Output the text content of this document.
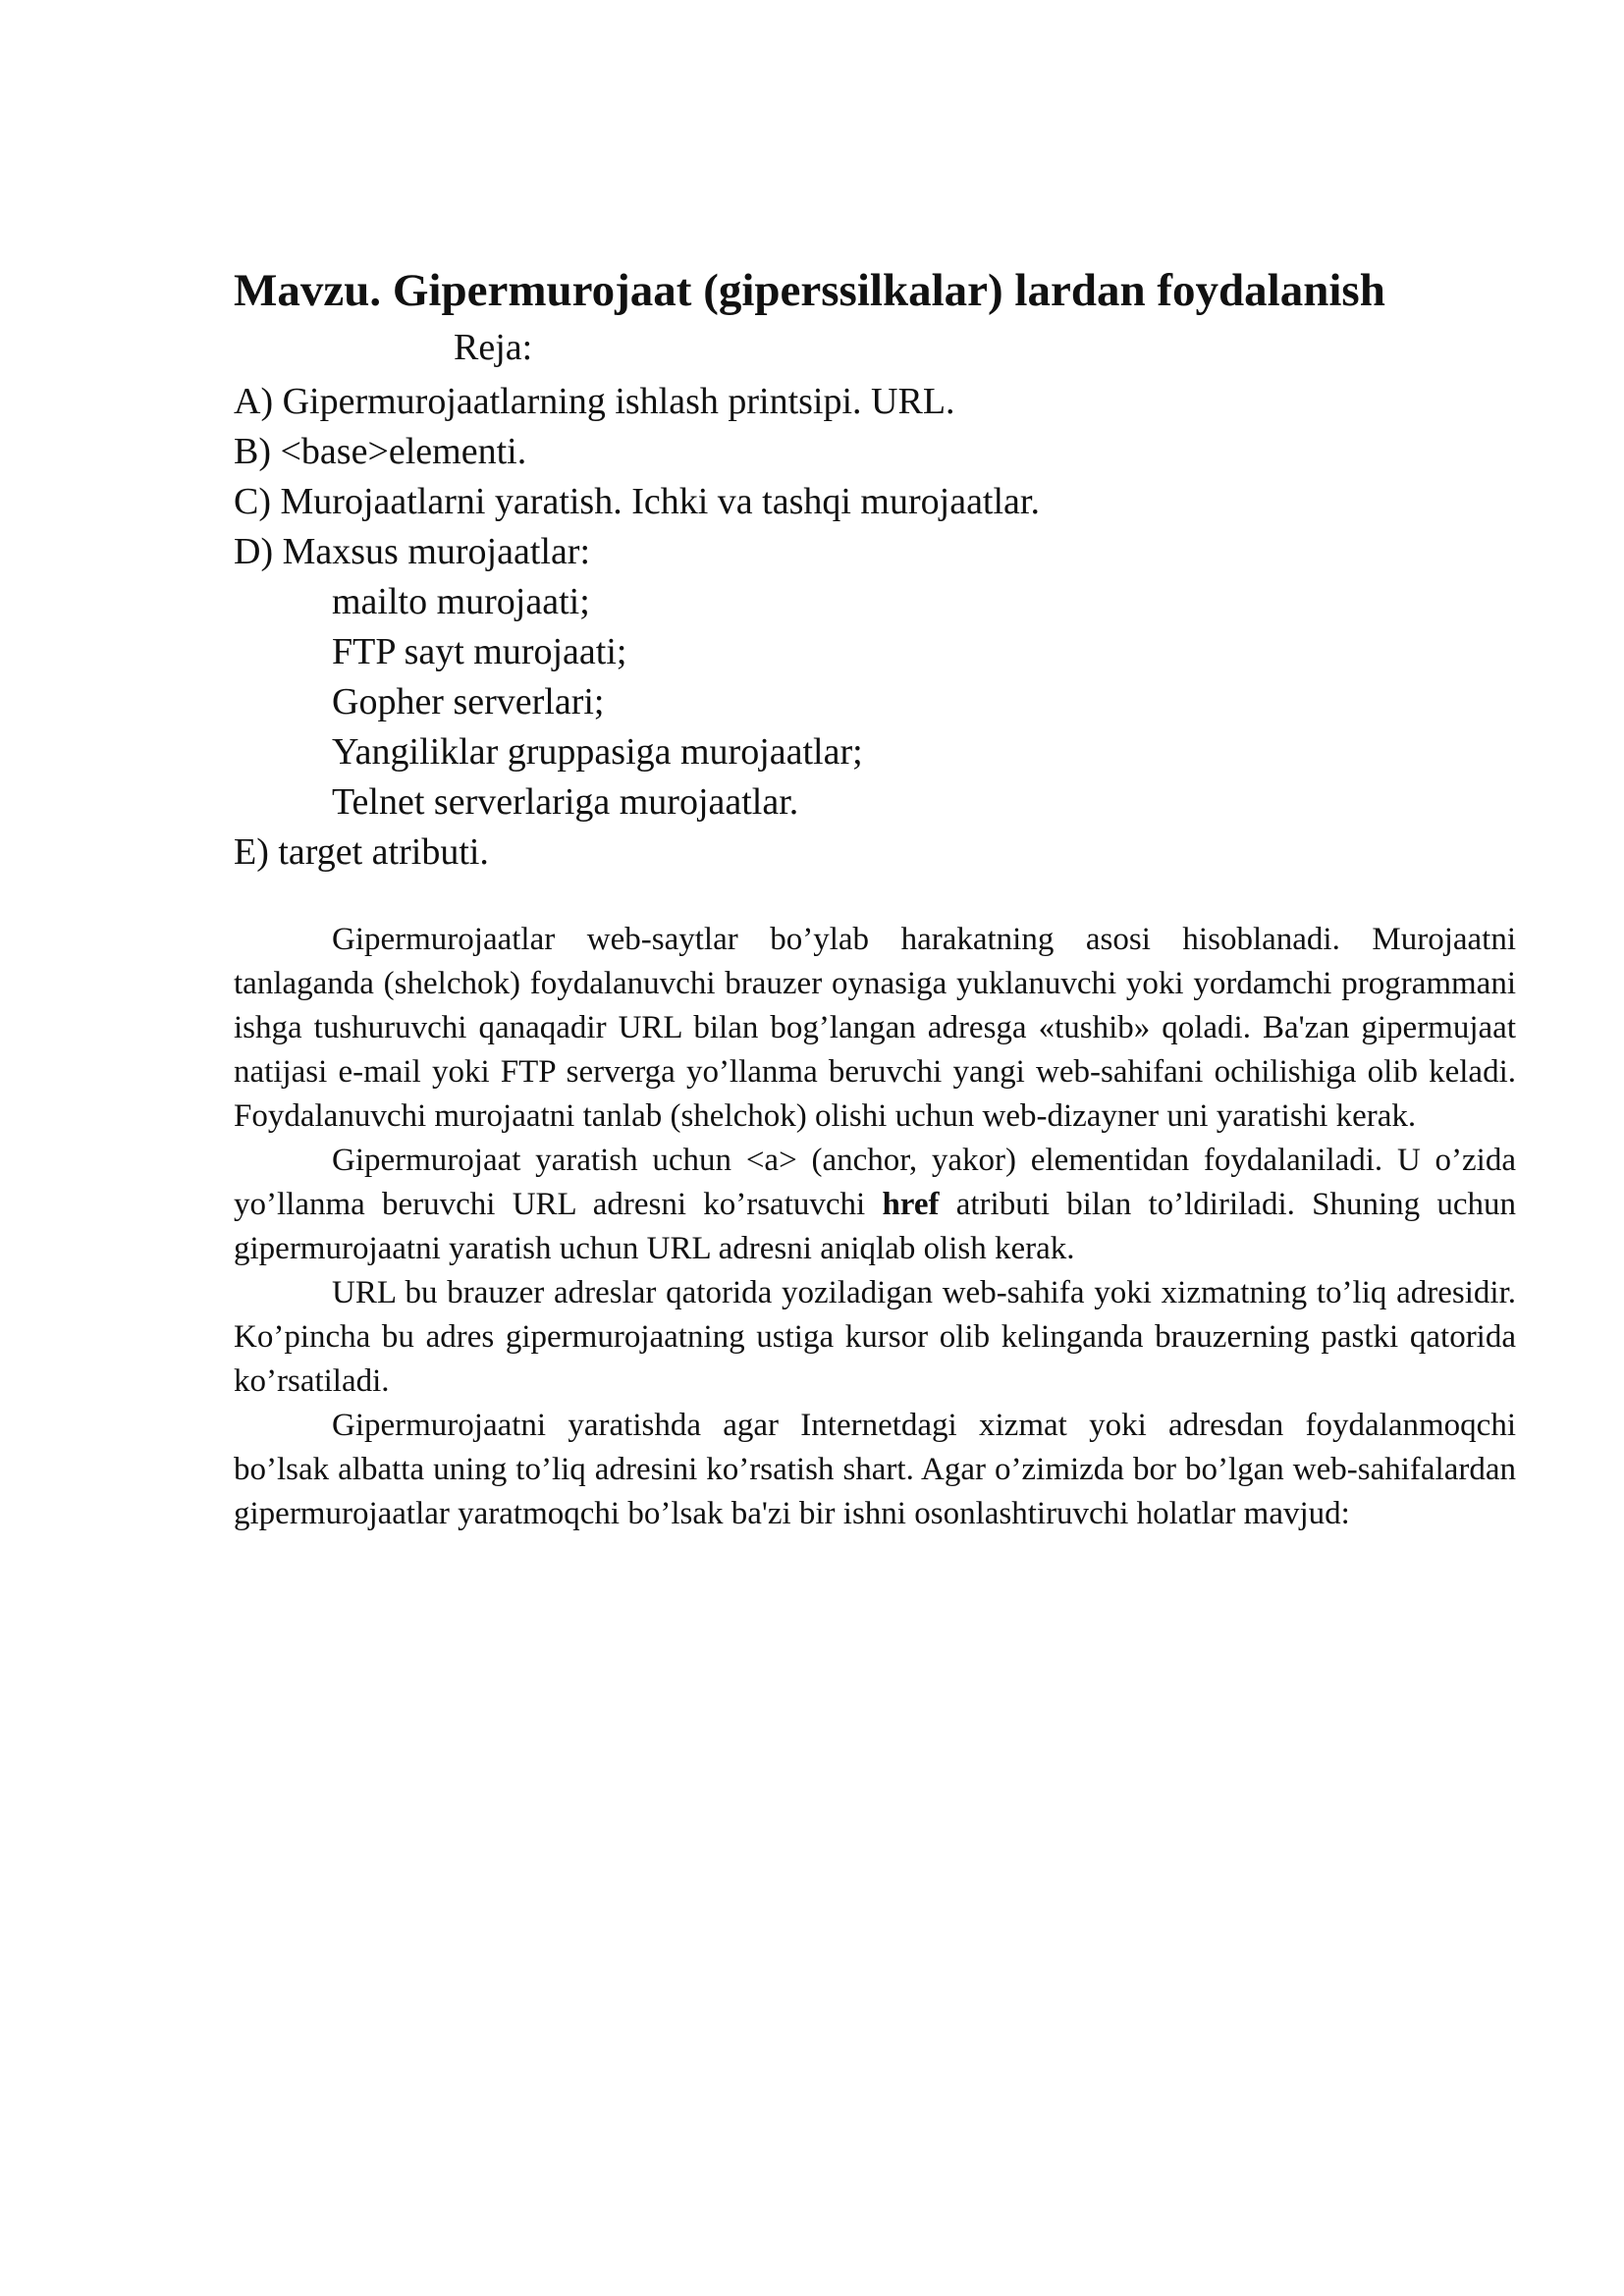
Mavzu. Gipermurojaat (giperssilkalar) lardan foydalanish
Reja:
A) Gipermurojaatlarning ishlash printsipi. URL.
B) <base>elementi.
C) Murojaatlarni yaratish. Ichki va tashqi murojaatlar.
D) Maxsus murojaatlar:
mailto murojaati;
FTP sayt murojaati;
Gopher serverlari;
Yangiliklar gruppasiga murojaatlar;
Telnet serverlariga murojaatlar.
E) target atributi.

Gipermurojaatlar web-saytlar bo’ylab harakatning asosi hisoblanadi. Murojaatni tanlaganda (shelchok) foydalanuvchi brauzer oynasiga yuklanuvchi yoki yordamchi programmani ishga tushuruvchi qanaqadir URL bilan bog’langan adresga «tushib» qoladi. Ba'zan gipermujaat natijasi e-mail yoki FTP serverga yo’llanma beruvchi yangi web-sahifani ochilishiga olib keladi. Foydalanuvchi murojaatni tanlab (shelchok) olishi uchun web-dizayner uni yaratishi kerak.

Gipermurojaat yaratish uchun <a> (anchor, yakor) elementidan foydalaniladi. U o’zida yo’llanma beruvchi URL adresni ko’rsatuvchi href atributi bilan to’ldiriladi. Shuning uchun gipermurojaatni yaratish uchun URL adresni aniqlab olish kerak.

URL bu brauzer adreslar qatorida yoziladigan web-sahifa yoki xizmatning to’liq adresidir. Ko’pincha bu adres gipermurojaatning ustiga kursor olib kelinganda brauzerning pastki qatorida ko’rsatiladi.

Gipermurojaatni yaratishda agar Internetdagi xizmat yoki adresdan foydalanmoqchi bo’lsak albatta uning to’liq adresini ko’rsatish shart. Agar o’zimizda bor bo’lgan web-sahifalardan gipermurojaatlar yaratmoqchi bo’lsak ba'zi bir ishni osonlashtiruvchi holatlar mavjud:
